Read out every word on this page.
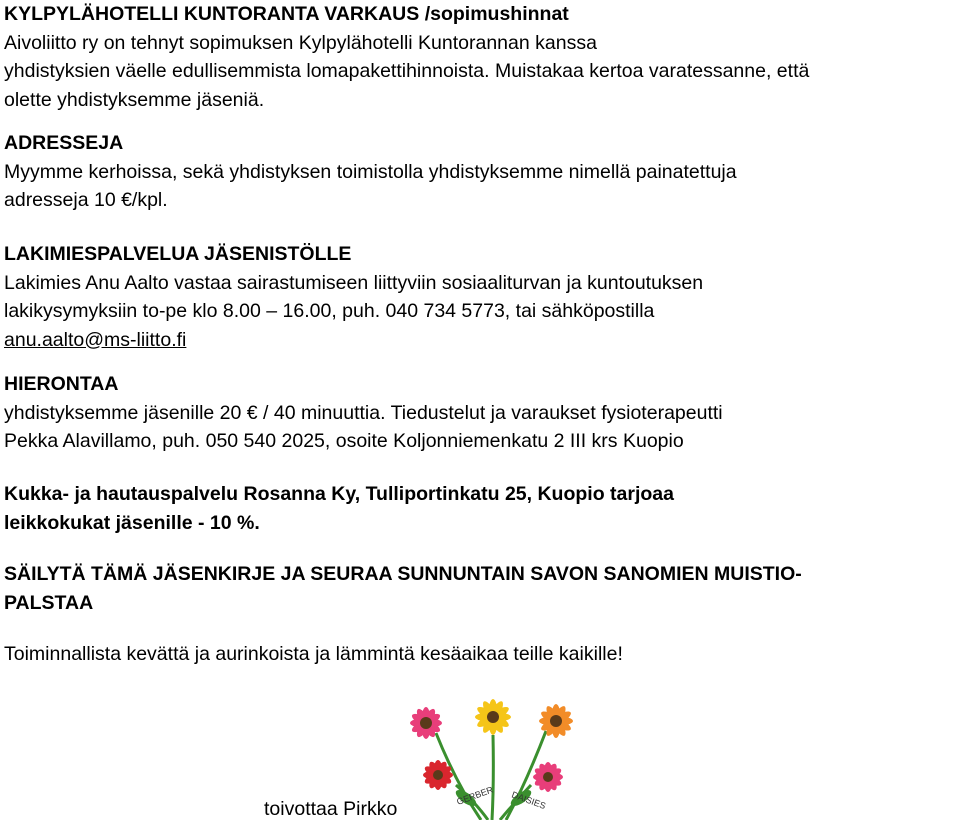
KYLPYLÄHOTELLI KUNTORANTA VARKAUS /sopimushinnat
Aivoliitto ry on tehnyt sopimuksen Kylpylähotelli Kuntorannan kanssa
yhdistyksien väelle edullisemmista lomapakettihinnoista. Muistakaa kertoa varatessanne, että
olette yhdistyksemme jäseniä.
ADRESSEJA
Myymme kerhoissa, sekä yhdistyksen toimistolla yhdistyksemme nimellä painatettuja
adresseja 10 €/kpl.
LAKIMIESPALVELUA JÄSENISTÖLLE
Lakimies Anu Aalto vastaa sairastumiseen liittyviin sosiaaliturvan ja kuntoutuksen
lakikysymyksiin to-pe klo 8.00 – 16.00, puh. 040 734 5773, tai sähköpostilla
anu.aalto@ms-liitto.fi
HIERONTAA
yhdistyksemme jäsenille 20 € / 40 minuuttia. Tiedustelut ja varaukset fysioterapeutti
Pekka Alavillamo, puh. 050 540 2025, osoite Koljonniemenkatu 2 III krs Kuopio
Kukka- ja hautauspalvelu Rosanna Ky, Tulliportinkatu 25, Kuopio tarjoaa
leikkokukat jäsenille - 10 %.
SÄILYTÄ TÄMÄ JÄSENKIRJE JA SEURAA SUNNUNTAIN SAVON SANOMIEN MUISTIO-
PALSTAA
Toiminnallista kevättä ja aurinkoista ja lämmintä kesäaikaa teille kaikille!
GERBER DAISIES
toivottaa Pirkko
